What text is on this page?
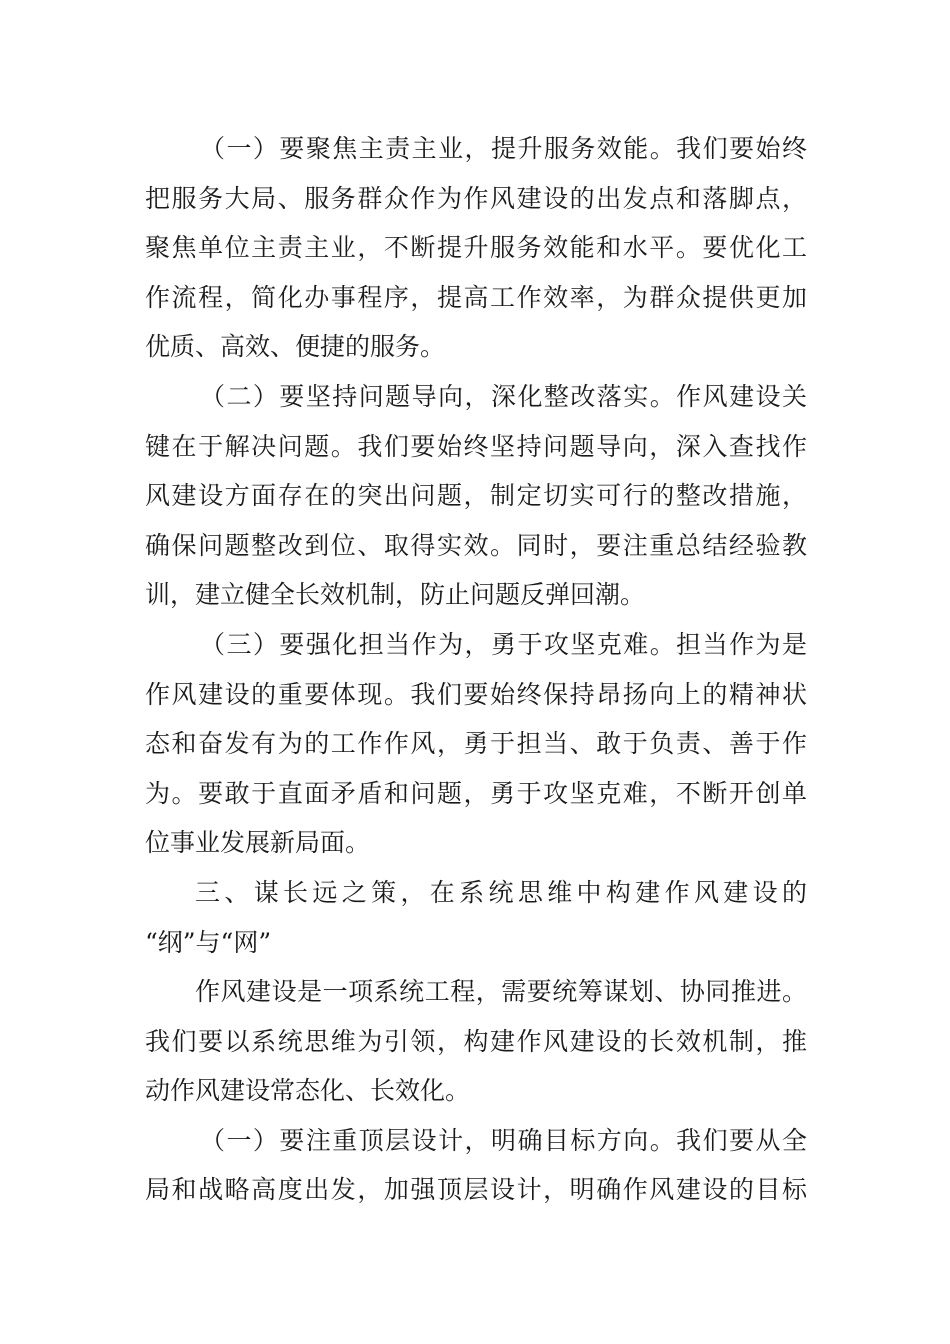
（一）要聚焦主责主业，提升服务效能。我们要始终
把服务大局、服务群众作为作风建设的出发点和落脚点，
聚焦单位主责主业，不断提升服务效能和水平。要优化工
作流程，简化办事程序，提高工作效率，为群众提供更加
优质、高效、便捷的服务。
（二）要坚持问题导向，深化整改落实。作风建设关
键在于解决问题。我们要始终坚持问题导向，深入查找作
风建设方面存在的突出问题，制定切实可行的整改措施，
确保问题整改到位、取得实效。同时，要注重总结经验教
训，建立健全长效机制，防止问题反弹回潮。
（三）要强化担当作为，勇于攻坚克难。担当作为是
作风建设的重要体现。我们要始终保持昂扬向上的精神状
态和奋发有为的工作作风，勇于担当、敢于负责、善于作
为。要敢于直面矛盾和问题，勇于攻坚克难，不断开创单
位事业发展新局面。
三、谋长远之策，在系统思维中构建作风建设的
“纲”与“网”
作风建设是一项系统工程，需要统筹谋划、协同推进。
我们要以系统思维为引领，构建作风建设的长效机制，推
动作风建设常态化、长效化。
（一）要注重顶层设计，明确目标方向。我们要从全
局和战略高度出发，加强顶层设计，明确作风建设的目标
